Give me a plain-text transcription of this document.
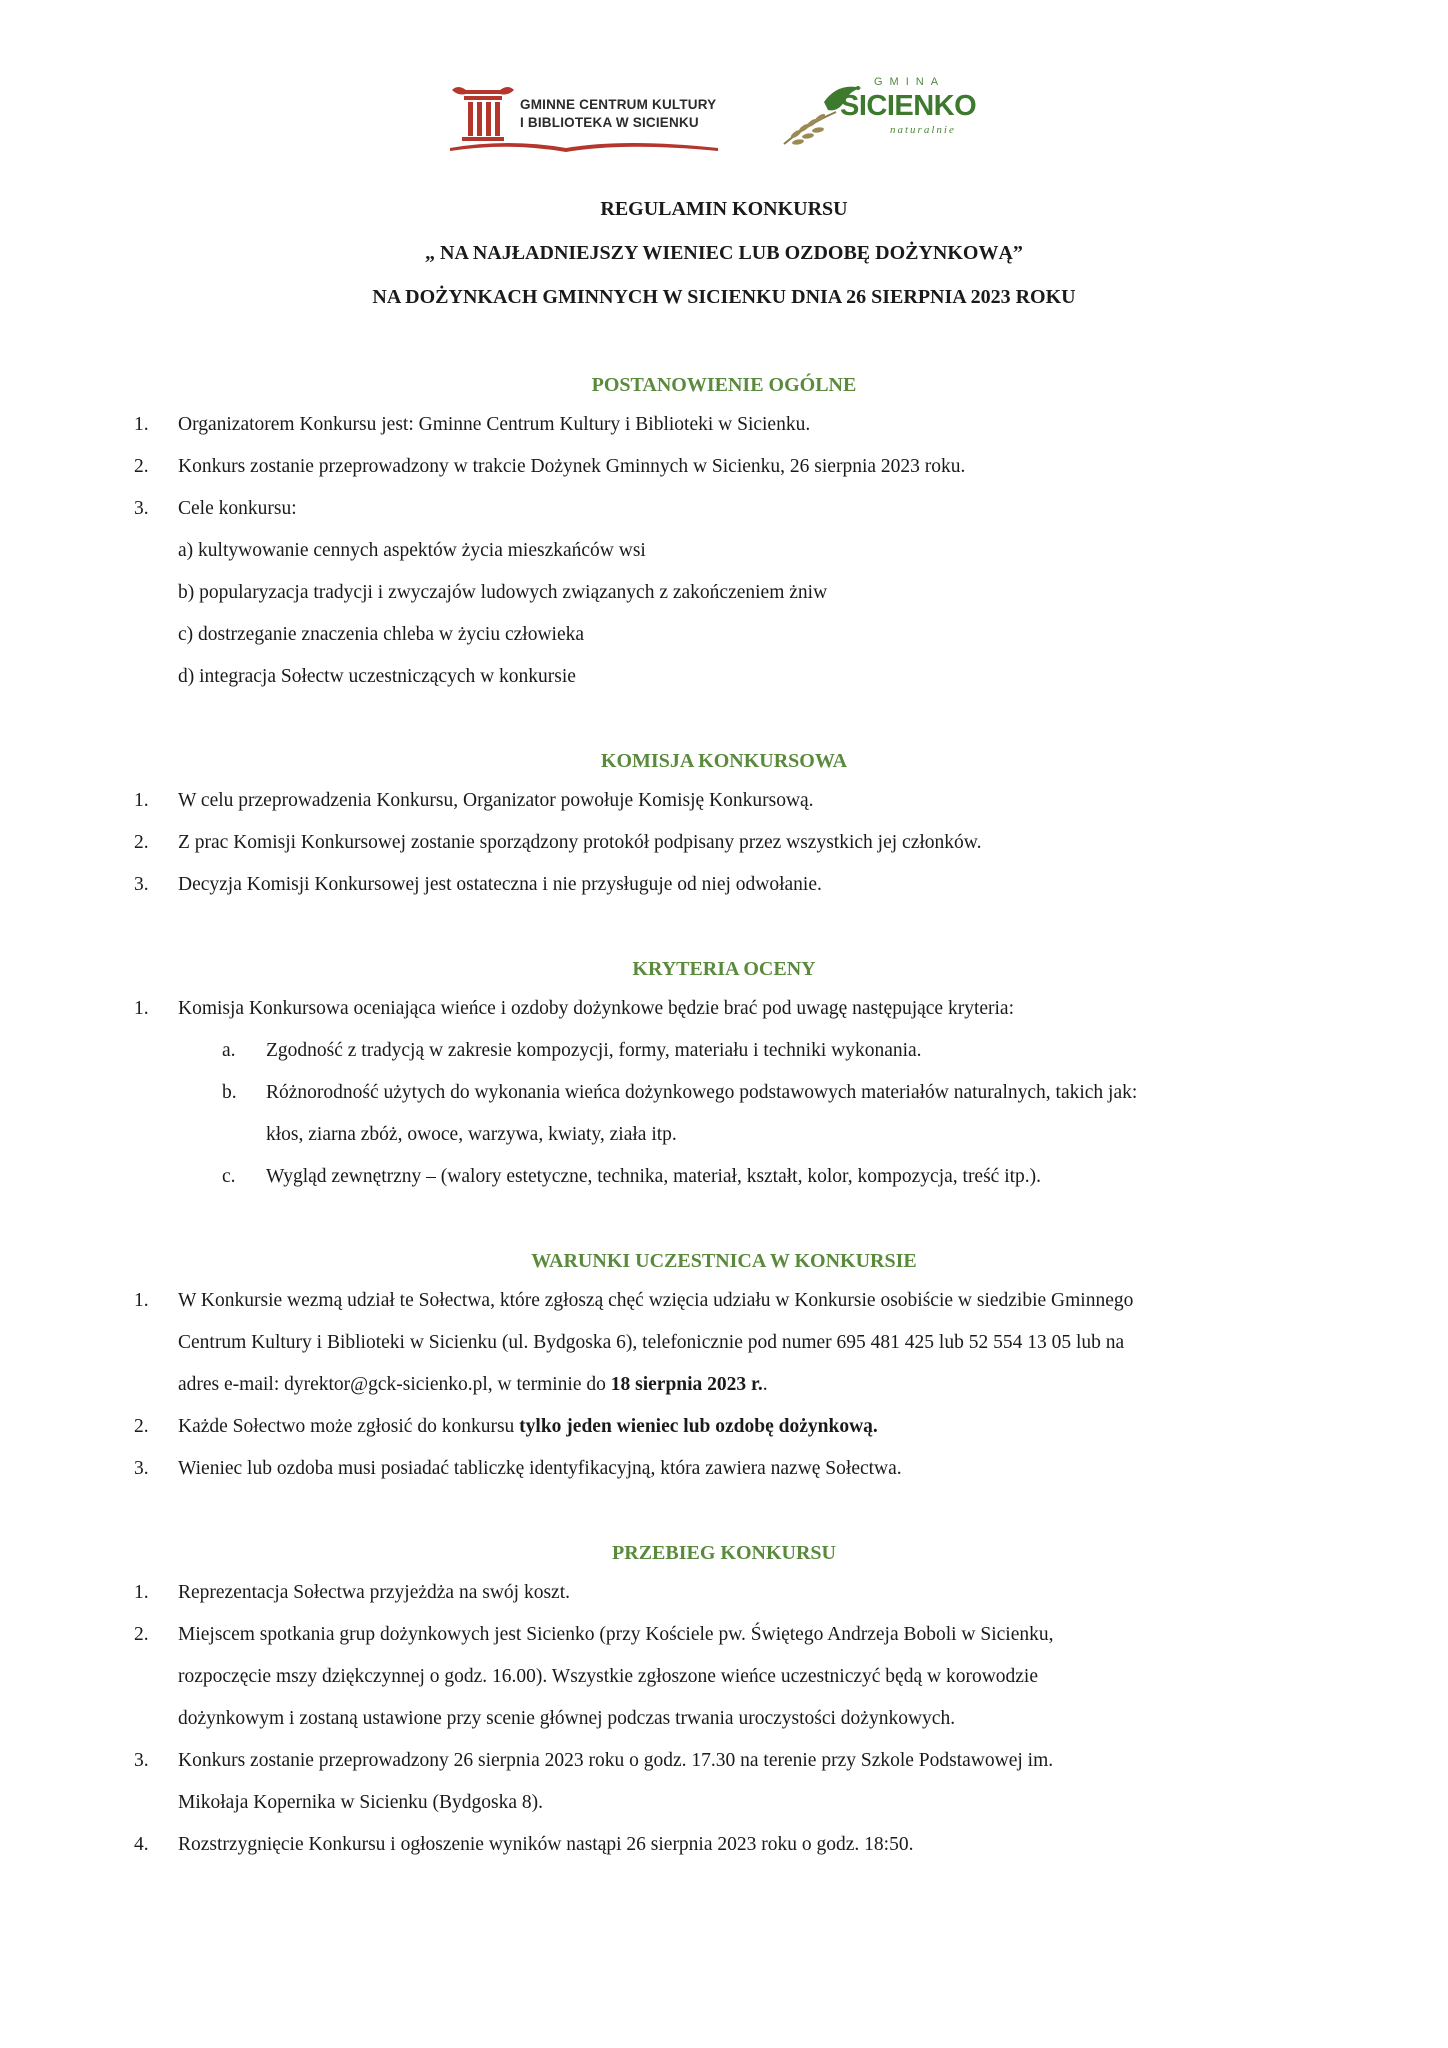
GMINNE CENTRUM KULTURY
I BIBLIOTEKA W SICIENKU
GMINA
SICIENKO
naturalnie
REGULAMIN KONKURSU
„ NA NAJŁADNIEJSZY WIENIEC LUB OZDOBĘ DOŻYNKOWĄ”
NA DOŻYNKACH GMINNYCH W SICIENKU DNIA 26 SIERPNIA 2023 ROKU
POSTANOWIENIE OGÓLNE
1. Organizatorem Konkursu jest: Gminne Centrum Kultury i Biblioteki w Sicienku.
2. Konkurs zostanie przeprowadzony w trakcie Dożynek Gminnych w Sicienku, 26 sierpnia 2023 roku.
3. Cele konkursu:
a) kultywowanie cennych aspektów życia mieszkańców wsi
b) popularyzacja tradycji i zwyczajów ludowych związanych z zakończeniem żniw
c) dostrzeganie znaczenia chleba w życiu człowieka
d) integracja Sołectw uczestniczących w konkursie
KOMISJA KONKURSOWA
1. W celu przeprowadzenia Konkursu, Organizator powołuje Komisję Konkursową.
2. Z prac Komisji Konkursowej zostanie sporządzony protokół podpisany przez wszystkich jej członków.
3. Decyzja Komisji Konkursowej jest ostateczna i nie przysługuje od niej odwołanie.
KRYTERIA OCENY
1. Komisja Konkursowa oceniająca wieńce i ozdoby dożynkowe będzie brać pod uwagę następujące kryteria:
a. Zgodność z tradycją w zakresie kompozycji, formy, materiału i techniki wykonania.
b. Różnorodność użytych do wykonania wieńca dożynkowego podstawowych materiałów naturalnych, takich jak:
kłos, ziarna zbóż, owoce, warzywa, kwiaty, ziała itp.
c. Wygląd zewnętrzny – (walory estetyczne, technika, materiał, kształt, kolor, kompozycja, treść itp.).
WARUNKI UCZESTNICA W KONKURSIE
1. W Konkursie wezmą udział te Sołectwa, które zgłoszą chęć wzięcia udziału w Konkursie osobiście w siedzibie Gminnego
Centrum Kultury i Biblioteki w Sicienku (ul. Bydgoska 6), telefonicznie pod numer 695 481 425 lub 52 554 13 05 lub na
adres e-mail: dyrektor@gck-sicienko.pl, w terminie do 18 sierpnia 2023 r..
2. Każde Sołectwo może zgłosić do konkursu tylko jeden wieniec lub ozdobę dożynkową.
3. Wieniec lub ozdoba musi posiadać tabliczkę identyfikacyjną, która zawiera nazwę Sołectwa.
PRZEBIEG KONKURSU
1. Reprezentacja Sołectwa przyjeżdża na swój koszt.
2. Miejscem spotkania grup dożynkowych jest Sicienko (przy Kościele pw. Świętego Andrzeja Boboli w Sicienku,
rozpoczęcie mszy dziękczynnej o godz. 16.00). Wszystkie zgłoszone wieńce uczestniczyć będą w korowodzie
dożynkowym i zostaną ustawione przy scenie głównej podczas trwania uroczystości dożynkowych.
3. Konkurs zostanie przeprowadzony 26 sierpnia 2023 roku o godz. 17.30 na terenie przy Szkole Podstawowej im.
Mikołaja Kopernika w Sicienku (Bydgoska 8).
4. Rozstrzygnięcie Konkursu i ogłoszenie wyników nastąpi 26 sierpnia 2023 roku o godz. 18:50.
